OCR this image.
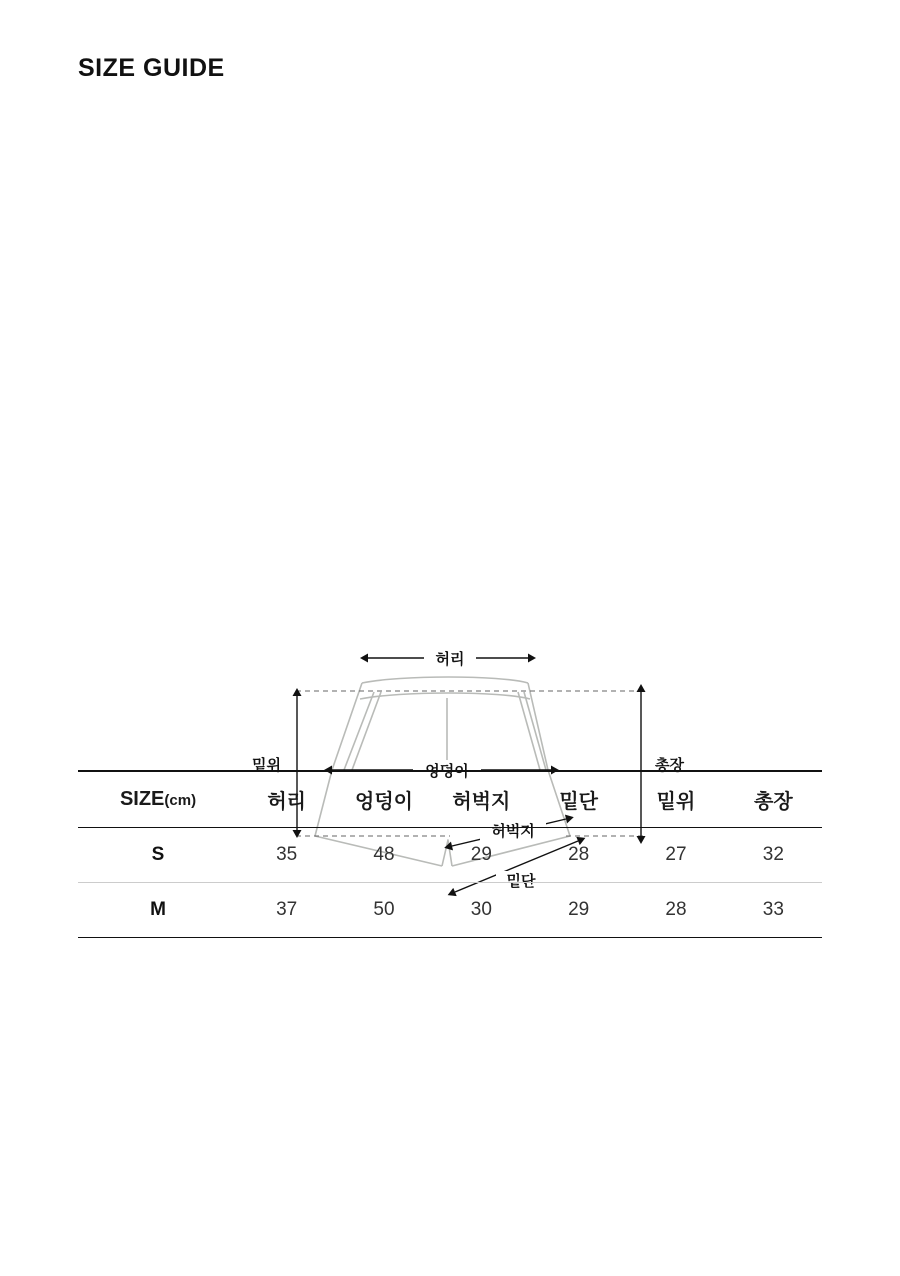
SIZE GUIDE
허리
엉덩이
밑위	총장
허벅지
밑단
SIZE(cm)	허리	엉덩이	허벅지	밑단	밑위	총장
S	35	48	29	28	27	32
M	37	50	30	29	28	33
